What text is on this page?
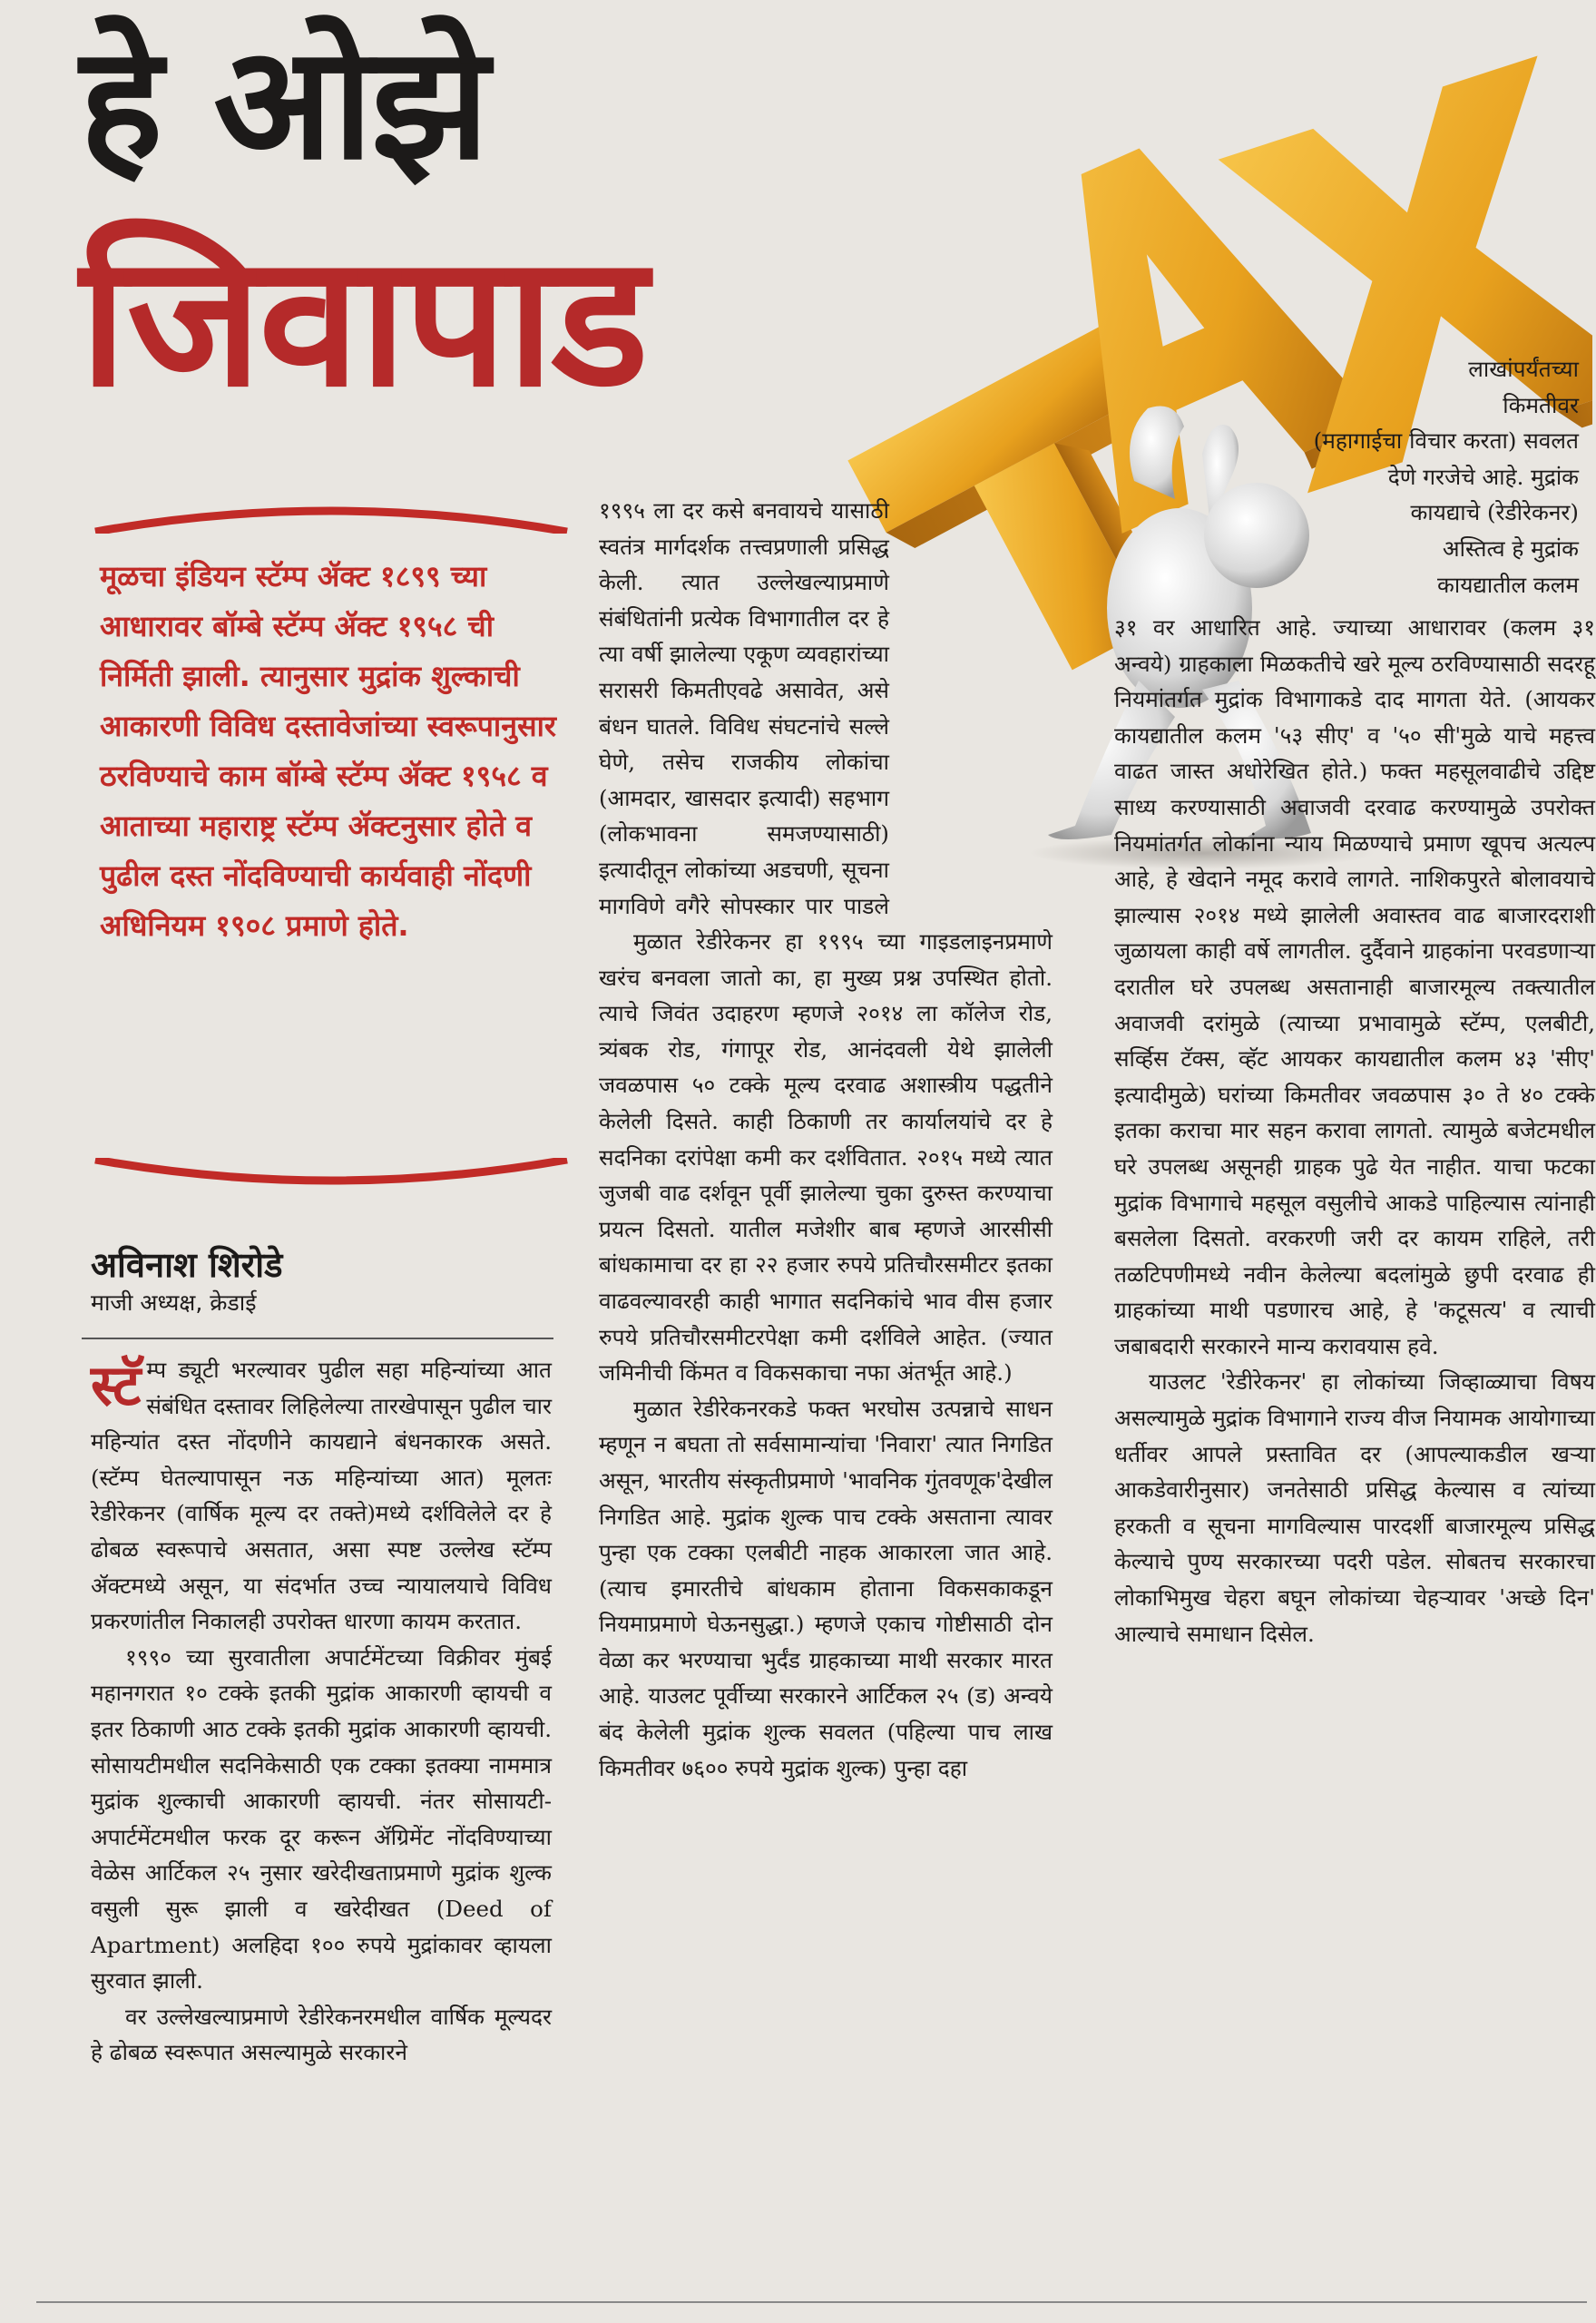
हे ओझे
जिवापाड
मूळचा इंडियन स्टॅम्प ॲक्ट १८९९ च्या आधारावर बॉम्बे स्टॅम्प ॲक्ट १९५८ ची निर्मिती झाली. त्यानुसार मुद्रांक शुल्काची आकारणी विविध दस्तावेजांच्या स्वरूपानुसार ठरविण्याचे काम बॉम्बे स्टॅम्प ॲक्ट १९५८ व आताच्या महाराष्ट्र स्टॅम्प ॲक्टनुसार होते व पुढील दस्त नोंदविण्याची कार्यवाही नोंदणी अधिनियम १९०८ प्रमाणे होते.
अविनाश शिरोडे
माजी अध्यक्ष, क्रेडाई

स्टॅ म्प ड्यूटी भरल्यावर पुढील सहा महिन्यांच्या आत संबंधित दस्तावर लिहिलेल्या तारखेपासून पुढील चार महिन्यांत दस्त नोंदणीने कायद्याने बंधनकारक असते. (स्टॅम्प घेतल्यापासून नऊ महिन्यांच्या आत) मूलतः रेडीरेकनर (वार्षिक मूल्य दर तक्ते)मध्ये दर्शविलेले दर हे ढोबळ स्वरूपाचे असतात, असा स्पष्ट उल्लेख स्टॅम्प ॲक्टमध्ये असून, या संदर्भात उच्च न्यायालयाचे विविध प्रकरणांतील निकालही उपरोक्त धारणा कायम करतात.

१९९० च्या सुरवातीला अपार्टमेंटच्या विक्रीवर मुंबई महानगरात १० टक्के इतकी मुद्रांक आकारणी व्हायची व इतर ठिकाणी आठ टक्के इतकी मुद्रांक आकारणी व्हायची. सोसायटीमधील सदनिकेसाठी एक टक्का इतक्या नाममात्र मुद्रांक शुल्काची आकारणी व्हायची. नंतर सोसायटी-अपार्टमेंटमधील फरक दूर करून ॲग्रिमेंट नोंदविण्याच्या वेळेस आर्टिकल २५ नुसार खरेदीखताप्रमाणे मुद्रांक शुल्क वसुली सुरू झाली व खरेदीखत (Deed of Apartment) अलहिदा १०० रुपये मुद्रांकावर व्हायला सुरवात झाली.

वर उल्लेखल्याप्रमाणे रेडीरेकनरमधील वार्षिक मूल्यदर हे ढोबळ स्वरूपात असल्यामुळे सरकारने

१९९५ ला दर कसे बनवायचे यासाठी स्वतंत्र मार्गदर्शक तत्त्वप्रणाली प्रसिद्ध केली. त्यात उल्लेखल्याप्रमाणे संबंधितांनी प्रत्येक विभागातील दर हे त्या वर्षी झालेल्या एकूण व्यवहारांच्या सरासरी किमतीएवढे असावेत, असे बंधन घातले. विविध संघटनांचे सल्ले घेणे, तसेच राजकीय लोकांचा (आमदार, खासदार इत्यादी) सहभाग (लोकभावना समजण्यासाठी) इत्यादीतून लोकांच्या अडचणी, सूचना मागविणे वगैरे सोपस्कार पार पाडले

मुळात रेडीरेकनर हा १९९५ च्या गाइडलाइनप्रमाणे खरंच बनवला जातो का, हा मुख्य प्रश्न उपस्थित होतो. त्याचे जिवंत उदाहरण म्हणजे २०१४ ला कॉलेज रोड, त्र्यंबक रोड, गंगापूर रोड, आनंदवली येथे झालेली जवळपास ५० टक्के मूल्य दरवाढ अशास्त्रीय पद्धतीने केलेली दिसते. काही ठिकाणी तर कार्यालयांचे दर हे सदनिका दरांपेक्षा कमी कर दर्शवितात. २०१५ मध्ये त्यात जुजबी वाढ दर्शवून पूर्वी झालेल्या चुका दुरुस्त करण्याचा प्रयत्न दिसतो. यातील मजेशीर बाब म्हणजे आरसीसी बांधकामाचा दर हा २२ हजार रुपये प्रतिचौरसमीटर इतका वाढवल्यावरही काही भागात सदनिकांचे भाव वीस हजार रुपये प्रतिचौरसमीटरपेक्षा कमी दर्शविले आहेत. (ज्यात जमिनीची किंमत व विकसकाचा नफा अंतर्भूत आहे.)

मुळात रेडीरेकनरकडे फक्त भरघोस उत्पन्नाचे साधन म्हणून न बघता तो सर्वसामान्यांचा 'निवारा' त्यात निगडित असून, भारतीय संस्कृतीप्रमाणे 'भावनिक गुंतवणूक'देखील निगडित आहे. मुद्रांक शुल्क पाच टक्के असताना त्यावर पुन्हा एक टक्का एलबीटी नाहक आकारला जात आहे. (त्याच इमारतीचे बांधकाम होताना विकसकाकडून नियमाप्रमाणे घेऊनसुद्धा.) म्हणजे एकाच गोष्टीसाठी दोन वेळा कर भरण्याचा भुर्दंड ग्राहकाच्या माथी सरकार मारत आहे. याउलट पूर्वीच्या सरकारने आर्टिकल २५ (ड) अन्वये बंद केलेली मुद्रांक शुल्क सवलत (पहिल्या पाच लाख किमतीवर ७६०० रुपये मुद्रांक शुल्क) पुन्हा दहा

३१ वर आधारित आहे. ज्याच्या आधारावर (कलम ३१ अन्वये) ग्राहकाला मिळकतीचे खरे मूल्य ठरविण्यासाठी सदरहू नियमांतर्गत मुद्रांक विभागाकडे दाद मागता येते. (आयकर कायद्यातील कलम '५३ सीए' व '५० सी'मुळे याचे महत्त्व वाढत जास्त अधोरेखित होते.) फक्त महसूलवाढीचे उद्दिष्ट साध्य करण्यासाठी अवाजवी दरवाढ करण्यामुळे उपरोक्त नियमांतर्गत लोकांना न्याय मिळण्याचे प्रमाण खूपच अत्यल्प आहे, हे खेदाने नमूद करावे लागते. नाशिकपुरते बोलावयाचे झाल्यास २०१४ मध्ये झालेली अवास्तव वाढ बाजारदराशी जुळायला काही वर्षे लागतील. दुर्दैवाने ग्राहकांना परवडणाऱ्या दरातील घरे उपलब्ध असतानाही बाजारमूल्य तक्त्यातील अवाजवी दरांमुळे (त्याच्या प्रभावामुळे स्टॅम्प, एलबीटी, सर्व्हिस टॅक्स, व्हॅट आयकर कायद्यातील कलम ४३ 'सीए' इत्यादीमुळे) घरांच्या किमतीवर जवळपास ३० ते ४० टक्के इतका कराचा मार सहन करावा लागतो. त्यामुळे बजेटमधील घरे उपलब्ध असूनही ग्राहक पुढे येत नाहीत. याचा फटका मुद्रांक विभागाचे महसूल वसुलीचे आकडे पाहिल्यास त्यांनाही बसलेला दिसतो. वरकरणी जरी दर कायम राहिले, तरी तळटिपणीमध्ये नवीन केलेल्या बदलांमुळे छुपी दरवाढ ही ग्राहकांच्या माथी पडणारच आहे, हे 'कटूसत्य' व त्याची जबाबदारी सरकारने मान्य करावयास हवे.

याउलट 'रेडीरेकनर' हा लोकांच्या जिव्हाळ्याचा विषय असल्यामुळे मुद्रांक विभागाने राज्य वीज नियामक आयोगाच्या धर्तीवर आपले प्रस्तावित दर (आपल्याकडील खऱ्या आकडेवारीनुसार) जनतेसाठी प्रसिद्ध केल्यास व त्यांच्या हरकती व सूचना मागविल्यास पारदर्शी बाजारमूल्य प्रसिद्ध केल्याचे पुण्य सरकारच्या पदरी पडेल. सोबतच सरकारचा लोकाभिमुख चेहरा बघून लोकांच्या चेहऱ्यावर 'अच्छे दिन' आल्याचे समाधान दिसेल.

लाखांपर्यंतच्या
किमतीवर
(महागाईचा विचार करता) सवलत
देणे गरजेचे आहे. मुद्रांक
कायद्याचे (रेडीरेकनर)
अस्तित्व हे मुद्रांक
कायद्यातील कलम
